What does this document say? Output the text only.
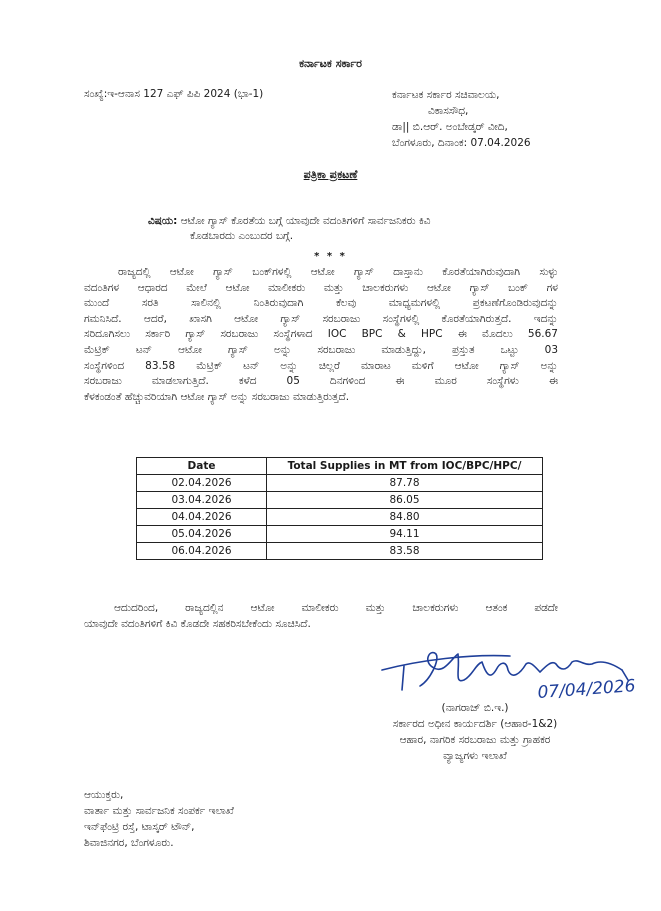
ಕರ್ನಾಟಕ ಸರ್ಕಾರ
ಸಂಖ್ಯೆ:ಇ-ಆನಾಸ 127 ಎಫ್ ಪಿಪಿ 2024 (ಭಾ-1)	ಕರ್ನಾಟಕ ಸರ್ಕಾರ ಸಚಿವಾಲಯ,
ವಿಕಾಸಸೌಧ,
ಡಾ|| ಬಿ.ಆರ್. ಅಂಬೇಡ್ಕರ್ ವೀದಿ,
ಬೆಂಗಳೂರು, ದಿನಾಂಕ: 07.04.2026
ಪತ್ರಿಕಾ ಪ್ರಕಟಣೆ
ವಿಷಯ: ಆಟೋ ಗ್ಯಾಸ್ ಕೊರತೆಯ ಬಗ್ಗೆ ಯಾವುದೇ ವದಂತಿಗಳಿಗೆ ಸಾರ್ವಜನಿಕರು ಕಿವಿ
ಕೊಡಬಾರದು ಎಂಬುದರ ಬಗ್ಗೆ.
* * *
ರಾಜ್ಯದಲ್ಲಿ ಆಟೋ ಗ್ಯಾಸ್ ಬಂಕ್‌ಗಳಲ್ಲಿ ಆಟೋ ಗ್ಯಾಸ್ ದಾಸ್ತಾನು ಕೊರತೆಯಾಗಿರುವುದಾಗಿ ಸುಳ್ಳು
ವದಂತಿಗಳ ಆಧಾರದ ಮೇಲೆ ಆಟೋ ಮಾಲೀಕರು ಮತ್ತು ಚಾಲಕರುಗಳು ಆಟೋ ಗ್ಯಾಸ್ ಬಂಕ್ ಗಳ
ಮುಂದೆ ಸರತಿ ಸಾಲಿನಲ್ಲಿ ನಿಂತಿರುವುದಾಗಿ ಕೆಲವು ಮಾಧ್ಯಮಗಳಲ್ಲಿ ಪ್ರಕಟಣೆಗೊಂಡಿರುವುದನ್ನು
ಗಮನಿಸಿದೆ. ಆದರೆ, ಖಾಸಗಿ ಆಟೋ ಗ್ಯಾಸ್ ಸರಬರಾಜು ಸಂಸ್ಥೆಗಳಲ್ಲಿ ಕೊರತೆಯಾಗಿರುತ್ತದೆ. ಇದನ್ನು
ಸರಿದೂಗಿಸಲು ಸರ್ಕಾರಿ ಗ್ಯಾಸ್ ಸರಬರಾಜು ಸಂಸ್ಥೆಗಳಾದ IOC BPC & HPC ಈ ಮೊದಲು 56.67
ಮೆಟ್ರಿಕ್ ಟನ್ ಆಟೋ ಗ್ಯಾಸ್ ಅನ್ನು ಸರಬರಾಜು ಮಾಡುತ್ತಿದ್ದು, ಪ್ರಸ್ತುತ ಒಟ್ಟು 03
ಸಂಸ್ಥೆಗಳಿಂದ 83.58 ಮೆಟ್ರಿಕ್ ಟನ್ ಅನ್ನು ಚಿಲ್ಲರೆ ಮಾರಾಟ ಮಳಿಗೆ ಆಟೋ ಗ್ಯಾಸ್ ಅನ್ನು
ಸರಬರಾಜು ಮಾಡಲಾಗುತ್ತಿದೆ. ಕಳೆದ 05 ದಿನಗಳಿಂದ ಈ ಮೂರ ಸಂಸ್ಥೆಗಳು ಈ
ಕೆಳಕಂಡಂತೆ ಹೆಚ್ಚುವರಿಯಾಗಿ ಆಟೋ ಗ್ಯಾಸ್ ಅನ್ನು ಸರಬರಾಜು ಮಾಡುತ್ತಿರುತ್ತದೆ.
Date	Total Supplies in MT from IOC/BPC/HPC/
02.04.2026	87.78
03.04.2026	86.05
04.04.2026	84.80
05.04.2026	94.11
06.04.2026	83.58
ಆದುದರಿಂದ, ರಾಜ್ಯದಲ್ಲಿನ ಆಟೋ ಮಾಲೀಕರು ಮತ್ತು ಚಾಲಕರುಗಳು ಆತಂಕ ಪಡದೇ
ಯಾವುದೇ ವದಂತಿಗಳಿಗೆ ಕಿವಿ ಕೊಡದೇ ಸಹಕರಿಸಬೇಕೆಂದು ಸೂಚಿಸಿದೆ.
07/04/2026
(ನಾಗರಾಜ್ ಬಿ.ಇ.)
ಸರ್ಕಾರದ ಅಧೀನ ಕಾರ್ಯದರ್ಶಿ (ಆಹಾರ-1&2)
ಆಹಾರ, ನಾಗರಿಕ ಸರಬರಾಜು ಮತ್ತು ಗ್ರಾಹಕರ
ವ್ಯಾಜ್ಯಗಳು ಇಲಾಖೆ
ಆಯುಕ್ತರು,
ವಾರ್ತಾ ಮತ್ತು ಸಾರ್ವಜನಿಕ ಸಂಪರ್ಕ ಇಲಾಖೆ
ಇನ್‌ಫೆಂಟ್ರಿ ರಸ್ತೆ, ಟಾಸ್ಕರ್ ಟೌನ್,
ಶಿವಾಜಿನಗರ, ಬೆಂಗಳೂರು.
